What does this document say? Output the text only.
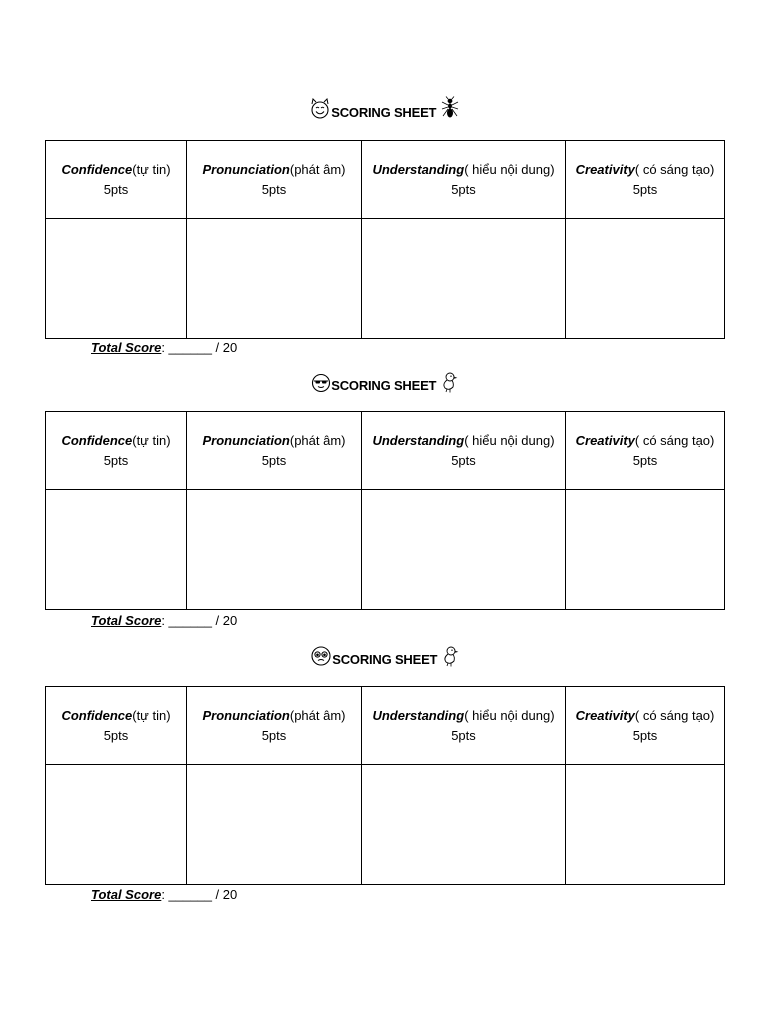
SCORING SHEET
Confidence(tự tin)
5pts	Pronunciation(phát âm)
5pts	Understanding( hiểu nội dung)
5pts	Creativity( có sáng tạo)
5pts

Total Score: ______ / 20
SCORING SHEET
Confidence(tự tin)
5pts	Pronunciation(phát âm)
5pts	Understanding( hiểu nội dung)
5pts	Creativity( có sáng tạo)
5pts

Total Score: ______ / 20
SCORING SHEET
Confidence(tự tin)
5pts	Pronunciation(phát âm)
5pts	Understanding( hiểu nội dung)
5pts	Creativity( có sáng tạo)
5pts

Total Score: ______ / 20
